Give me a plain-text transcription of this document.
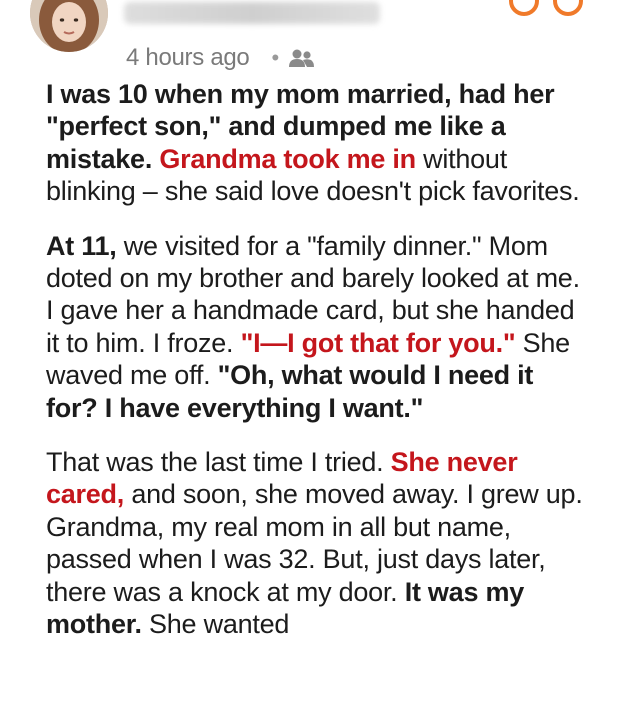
4 hours ago •

I was 10 when my mom married, had her "perfect son," and dumped me like a mistake. Grandma took me in without blinking – she said love doesn't pick favorites.

At 11, we visited for a "family dinner." Mom doted on my brother and barely looked at me. I gave her a handmade card, but she handed it to him. I froze. "I—I got that for you." She waved me off. "Oh, what would I need it for? I have everything I want."

That was the last time I tried. She never cared, and soon, she moved away. I grew up. Grandma, my real mom in all but name, passed when I was 32. But, just days later, there was a knock at my door. It was my mother. She wanted
